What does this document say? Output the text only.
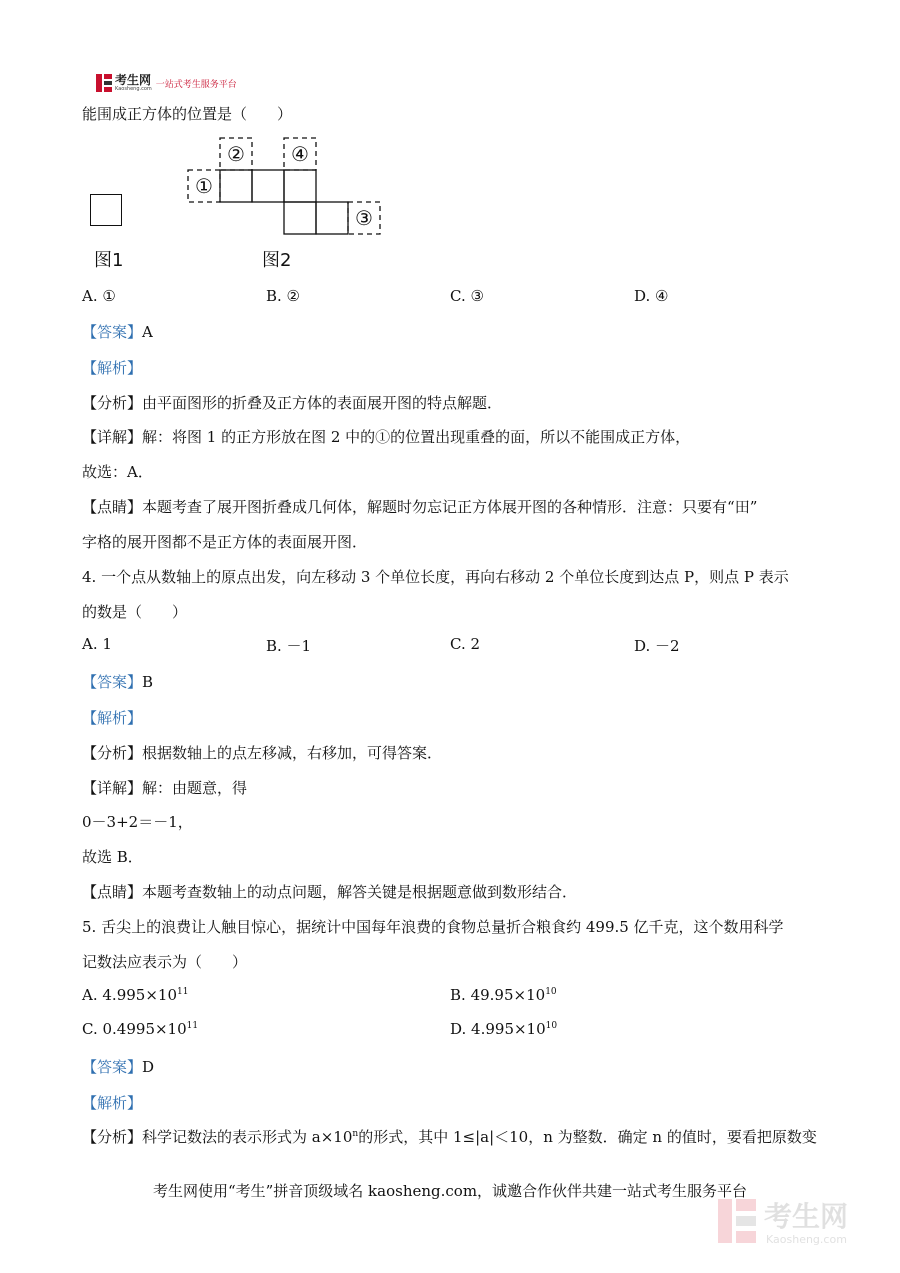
考生网
Kaosheng.com 一站式考生服务平台
能围成正方体的位置是（　　）
图1
①
② ④
③
图2
A. ①	B. ②	C. ③	D. ④
【答案】A
【解析】
【分析】由平面图形的折叠及正方体的表面展开图的特点解题．
【详解】解：将图 1 的正方形放在图 2 中的①的位置出现重叠的面，所以不能围成正方体，
故选：A．
【点睛】本题考查了展开图折叠成几何体，解题时勿忘记正方体展开图的各种情形．注意：只要有“田”
字格的展开图都不是正方体的表面展开图．
4. 一个点从数轴上的原点出发，向左移动 3 个单位长度，再向右移动 2 个单位长度到达点 P，则点 P 表示
的数是（　　）
A. 1	B. －1	C. 2	D. －2
【答案】B
【解析】
【分析】根据数轴上的点左移减，右移加，可得答案．
【详解】解：由题意，得
0－3+2＝－1，
故选 B．
【点睛】本题考查数轴上的动点问题，解答关键是根据题意做到数形结合．
5. 舌尖上的浪费让人触目惊心，据统计中国每年浪费的食物总量折合粮食约 499.5 亿千克，这个数用科学
记数法应表示为（　　）
A. $4.995\times 10^{11}$	B. $49.95\times 10^{10}$
C. $0.4995\times 10^{11}$	D. $4.995\times 10^{10}$
【答案】D
【解析】
【分析】科学记数法的表示形式为 $a\times 10^n$的形式，其中 1≤|a|＜10，n 为整数．确定 n 的值时，要看把原数变
考生网使用“考生”拼音顶级域名 kaosheng.com，诚邀合作伙伴共建一站式考生服务平台
考生网
Kaosheng.com
